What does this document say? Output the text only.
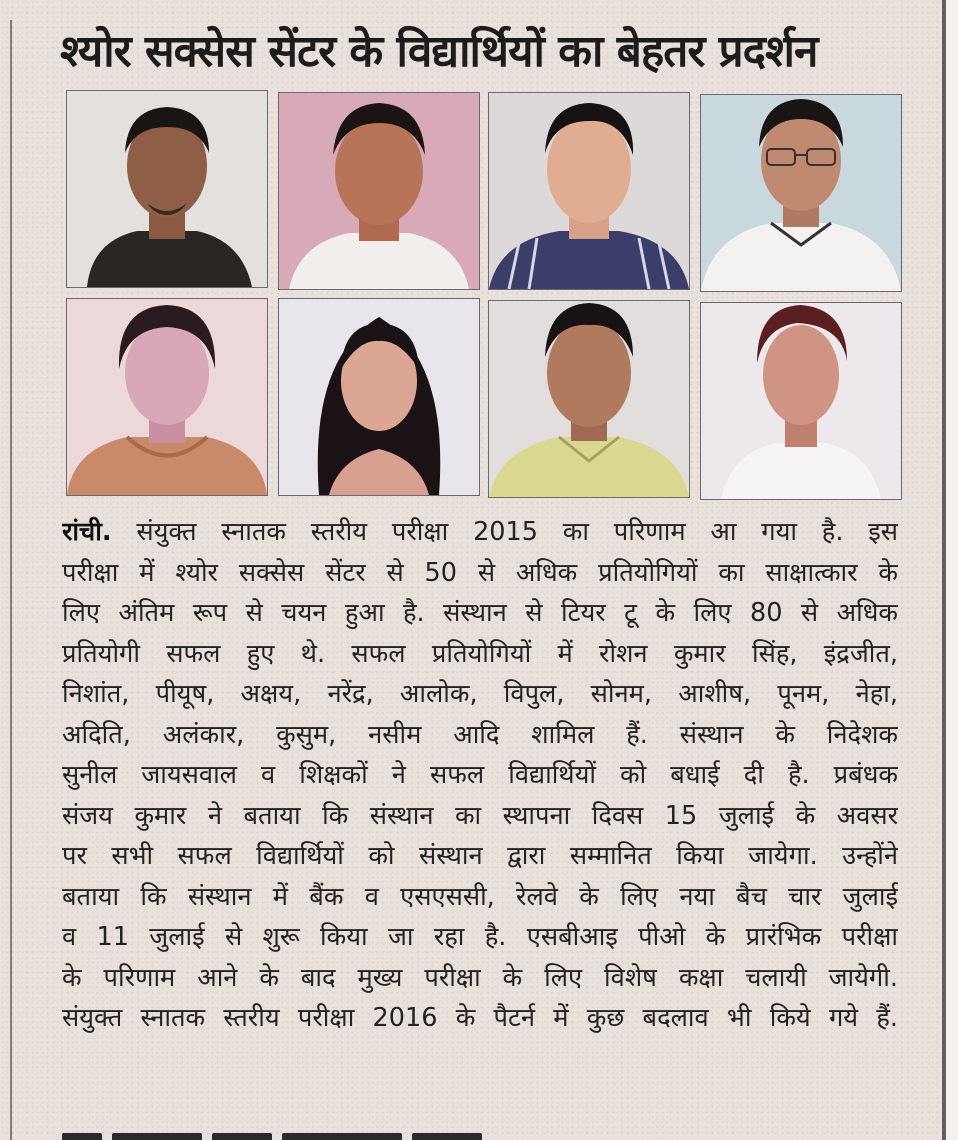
श्योर सक्सेस सेंटर के विद्यार्थियों का बेहतर प्रदर्शन
रांची. संयुक्त स्नातक स्तरीय परीक्षा 2015 का परिणाम आ गया है. इस
परीक्षा में श्योर सक्सेस सेंटर से 50 से अधिक प्रतियोगियों का साक्षात्कार के
लिए अंतिम रूप से चयन हुआ है. संस्थान से टियर टू के लिए 80 से अधिक
प्रतियोगी सफल हुए थे. सफल प्रतियोगियों में रोशन कुमार सिंह, इंद्रजीत,
निशांत, पीयूष, अक्षय, नरेंद्र, आलोक, विपुल, सोनम, आशीष, पूनम, नेहा,
अदिति, अलंकार, कुसुम, नसीम आदि शामिल हैं. संस्थान के निदेशक
सुनील जायसवाल व शिक्षकों ने सफल विद्यार्थियों को बधाई दी है. प्रबंधक
संजय कुमार ने बताया कि संस्थान का स्थापना दिवस 15 जुलाई के अवसर
पर सभी सफल विद्यार्थियों को संस्थान द्वारा सम्मानित किया जायेगा. उन्होंने
बताया कि संस्थान में बैंक व एसएससी, रेलवे के लिए नया बैच चार जुलाई
व 11 जुलाई से शुरू किया जा रहा है. एसबीआइ पीओ के प्रारंभिक परीक्षा
के परिणाम आने के बाद मुख्य परीक्षा के लिए विशेष कक्षा चलायी जायेगी.
संयुक्त स्नातक स्तरीय परीक्षा 2016 के पैटर्न में कुछ बदलाव भी किये गये हैं.
